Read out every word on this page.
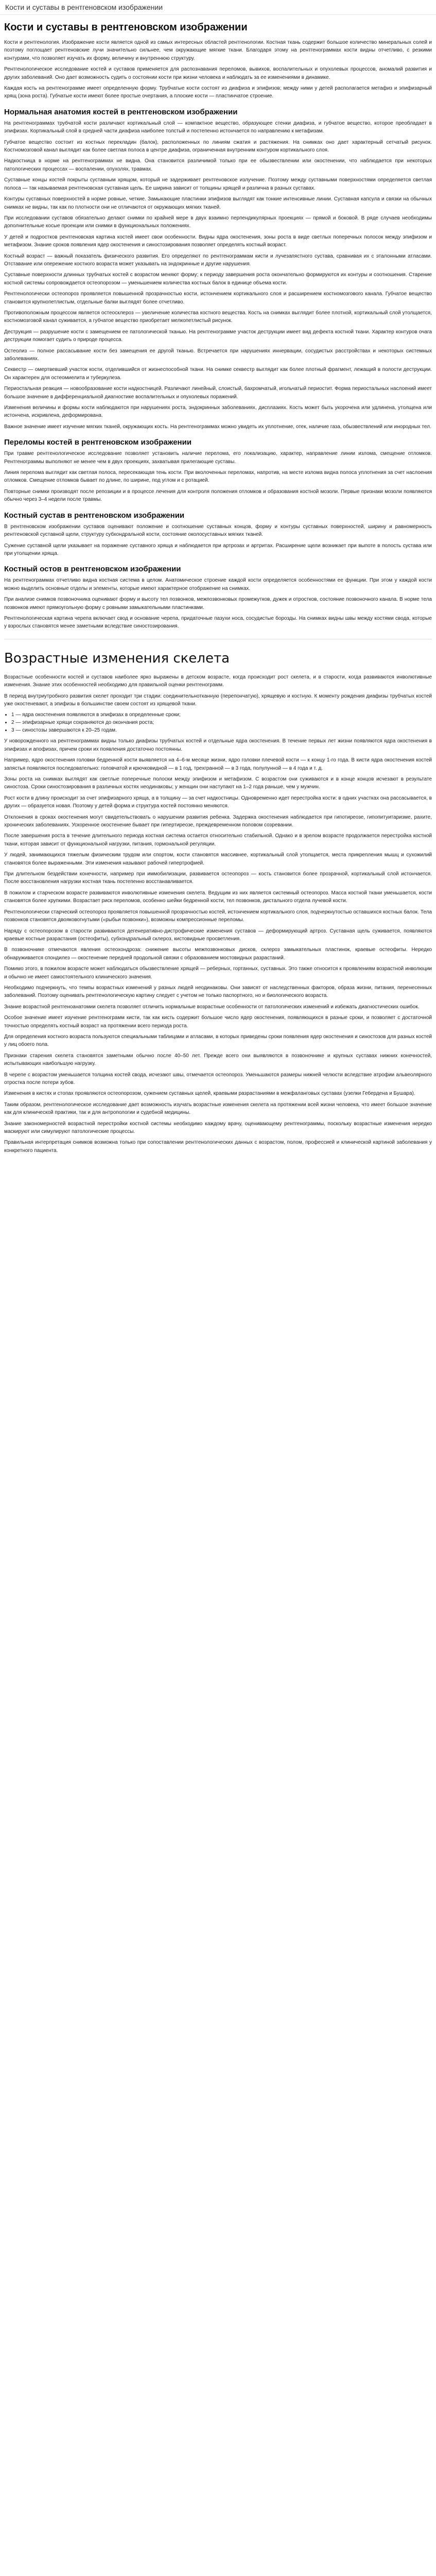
Кости и суставы в рентгеновском изображении
Кости и суставы в рентгеновском изображении

Кости и рентгенология. Изображение кости является одной из самых интересных областей рентгенологии. Костная ткань содержит большое количество минеральных солей и поэтому поглощает рентгеновские лучи значительно сильнее, чем окружающие мягкие ткани. Благодаря этому на рентгенограммах кости видны отчетливо, с резкими контурами, что позволяет изучать их форму, величину и внутреннюю структуру.

Рентгенологическое исследование костей и суставов применяется для распознавания переломов, вывихов, воспалительных и опухолевых процессов, аномалий развития и других заболеваний. Оно дает возможность судить о состоянии кости при жизни человека и наблюдать за ее изменениями в динамике.

Каждая кость на рентгенограмме имеет определенную форму. Трубчатые кости состоят из диафиза и эпифизов; между ними у детей располагается метафиз и эпифизарный хрящ (зона роста). Губчатые кости имеют более простые очертания, а плоские кости — пластинчатое строение.

Нормальная анатомия костей в рентгеновском изображении

На рентгенограммах трубчатой кости различают кортикальный слой — компактное вещество, образующее стенки диафиза, и губчатое вещество, которое преобладает в эпифизах. Кортикальный слой в средней части диафиза наиболее толстый и постепенно истончается по направлению к метафизам.

Губчатое вещество состоит из костных перекладин (балок), расположенных по линиям сжатия и растяжения. На снимках оно дает характерный сетчатый рисунок. Костномозговой канал выглядит как более светлая полоса в центре диафиза, ограниченная внутренним контуром кортикального слоя.

Надкостница в норме на рентгенограммах не видна. Она становится различимой только при ее обызвествлении или окостенении, что наблюдается при некоторых патологических процессах — воспалении, опухолях, травмах.

Суставные концы костей покрыты суставным хрящом, который не задерживает рентгеновское излучение. Поэтому между суставными поверхностями определяется светлая полоса — так называемая рентгеновская суставная щель. Ее ширина зависит от толщины хрящей и различна в разных суставах.

Контуры суставных поверхностей в норме ровные, четкие. Замыкающие пластинки эпифизов выглядят как тонкие интенсивные линии. Суставная капсула и связки на обычных снимках не видны, так как по плотности они не отличаются от окружающих мягких тканей.

При исследовании суставов обязательно делают снимки по крайней мере в двух взаимно перпендикулярных проекциях — прямой и боковой. В ряде случаев необходимы дополнительные косые проекции или снимки в функциональных положениях.

У детей и подростков рентгеновская картина костей имеет свои особенности. Видны ядра окостенения, зоны роста в виде светлых поперечных полосок между эпифизом и метафизом. Знание сроков появления ядер окостенения и синостозирования позволяет определять костный возраст.

Костный возраст — важный показатель физического развития. Его определяют по рентгенограммам кисти и лучезапястного сустава, сравнивая их с эталонными атласами. Отставание или опережение костного возраста может указывать на эндокринные и другие нарушения.

Суставные поверхности длинных трубчатых костей с возрастом меняют форму; к периоду завершения роста окончательно формируются их контуры и соотношения. Старение костной системы сопровождается остеопорозом — уменьшением количества костных балок в единице объема кости.

Рентгенологически остеопороз проявляется повышенной прозрачностью кости, истончением кортикального слоя и расширением костномозгового канала. Губчатое вещество становится крупнопетлистым, отдельные балки выглядят более отчетливо.

Противоположным процессом является остеосклероз — увеличение количества костного вещества. Кость на снимках выглядит более плотной, кортикальный слой утолщается, костномозговой канал суживается, а губчатое вещество приобретает мелкопетлистый рисунок.

Деструкция — разрушение кости с замещением ее патологической тканью. На рентгенограмме участок деструкции имеет вид дефекта костной ткани. Характер контуров очага деструкции помогает судить о природе процесса.

Остеолиз — полное рассасывание кости без замещения ее другой тканью. Встречается при нарушениях иннервации, сосудистых расстройствах и некоторых системных заболеваниях.

Секвестр — омертвевший участок кости, отделившийся от жизнеспособной ткани. На снимке секвестр выглядит как более плотный фрагмент, лежащий в полости деструкции. Он характерен для остеомиелита и туберкулеза.

Периостальная реакция — новообразование кости надкостницей. Различают линейный, слоистый, бахромчатый, игольчатый периостит. Форма периостальных наслоений имеет большое значение в дифференциальной диагностике воспалительных и опухолевых поражений.

Изменения величины и формы кости наблюдаются при нарушениях роста, эндокринных заболеваниях, дисплазиях. Кость может быть укорочена или удлинена, утолщена или истончена, искривлена, деформирована.

Важное значение имеет изучение мягких тканей, окружающих кость. На рентгенограммах можно увидеть их уплотнение, отек, наличие газа, обызвествлений или инородных тел.

Переломы костей в рентгеновском изображении

При травме рентгенологическое исследование позволяет установить наличие перелома, его локализацию, характер, направление линии излома, смещение отломков. Рентгенограммы выполняют не менее чем в двух проекциях, захватывая прилегающие суставы.

Линия перелома выглядит как светлая полоса, пересекающая тень кости. При вколоченных переломах, напротив, на месте излома видна полоса уплотнения за счет наслоения отломков. Смещение отломков бывает по длине, по ширине, под углом и с ротацией.

Повторные снимки производят после репозиции и в процессе лечения для контроля положения отломков и образования костной мозоли. Первые признаки мозоли появляются обычно через 3–4 недели после травмы.

Костный сустав в рентгеновском изображении

В рентгеновском изображении суставов оценивают положение и соотношение суставных концов, форму и контуры суставных поверхностей, ширину и равномерность рентгеновской суставной щели, структуру субхондральной кости, состояние околосуставных мягких тканей.

Сужение суставной щели указывает на поражение суставного хряща и наблюдается при артрозах и артритах. Расширение щели возникает при выпоте в полость сустава или при утолщении хряща.

Костный остов в рентгеновском изображении

На рентгенограммах отчетливо видна костная система в целом. Анатомическое строение каждой кости определяется особенностями ее функции. При этом у каждой кости можно выделить основные отделы и элементы, которые имеют характерное отображение на снимках.

При анализе снимков позвоночника оценивают форму и высоту тел позвонков, межпозвонковых промежутков, дужек и отростков, состояние позвоночного канала. В норме тела позвонков имеют прямоугольную форму с ровными замыкательными пластинками.

Рентгенологическая картина черепа включает свод и основание черепа, придаточные пазухи носа, сосудистые борозды. На снимках видны швы между костями свода, которые у взрослых становятся менее заметными вследствие синостозирования.

Возрастные изменения скелета

Возрастные особенности костей и суставов наиболее ярко выражены в детском возрасте, когда происходит рост скелета, и в старости, когда развиваются инволютивные изменения. Знание этих особенностей необходимо для правильной оценки рентгенограмм.

В период внутриутробного развития скелет проходит три стадии: соединительнотканную (перепончатую), хрящевую и костную. К моменту рождения диафизы трубчатых костей уже окостеневают, а эпифизы в большинстве своем состоят из хрящевой ткани.

• 1 — ядра окостенения появляются в эпифизах в определенные сроки;
• 2 — эпифизарные хрящи сохраняются до окончания роста;
• 3 — синостозы завершаются к 20–25 годам.

У новорожденного на рентгенограммах видны только диафизы трубчатых костей и отдельные ядра окостенения. В течение первых лет жизни появляются ядра окостенения в эпифизах и апофизах, причем сроки их появления достаточно постоянны.

Например, ядро окостенения головки бедренной кости выявляется на 4–6-м месяце жизни, ядро головки плечевой кости — к концу 1-го года. В кисти ядра окостенения костей запястья появляются последовательно: головчатой и крючковидной — в 1 год, трехгранной — в 3 года, полулунной — в 4 года и т. д.

Зоны роста на снимках выглядят как светлые поперечные полоски между эпифизом и метафизом. С возрастом они суживаются и в конце концов исчезают в результате синостоза. Сроки синостозирования в различных костях неодинаковы; у женщин они наступают на 1–2 года раньше, чем у мужчин.

Рост кости в длину происходит за счет эпифизарного хряща, а в толщину — за счет надкостницы. Одновременно идет перестройка кости: в одних участках она рассасывается, в других — образуется новая. Поэтому у детей форма и структура костей постоянно меняются.

Отклонения в сроках окостенения могут свидетельствовать о нарушении развития ребенка. Задержка окостенения наблюдается при гипотиреозе, гипопитуитаризме, рахите, хронических заболеваниях. Ускоренное окостенение бывает при гипертиреозе, преждевременном половом созревании.

После завершения роста в течение длительного периода костная система остается относительно стабильной. Однако и в зрелом возрасте продолжается перестройка костной ткани, которая зависит от функциональной нагрузки, питания, гормональной регуляции.

У людей, занимающихся тяжелым физическим трудом или спортом, кости становятся массивнее, кортикальный слой утолщается, места прикрепления мышц и сухожилий становятся более выраженными. Эти изменения называют рабочей гипертрофией.

При длительном бездействии конечности, например при иммобилизации, развивается остеопороз — кость становится более прозрачной, кортикальный слой истончается. После восстановления нагрузки костная ткань постепенно восстанавливается.

В пожилом и старческом возрасте развиваются инволютивные изменения скелета. Ведущим из них является системный остеопороз. Масса костной ткани уменьшается, кости становятся более хрупкими. Возрастает риск переломов, особенно шейки бедренной кости, тел позвонков, дистального отдела лучевой кости.

Рентгенологически старческий остеопороз проявляется повышенной прозрачностью костей, истончением кортикального слоя, подчеркнутостью оставшихся костных балок. Тела позвонков становятся двояковогнутыми («рыбьи позвонки»), возможны компрессионные переломы.

Наряду с остеопорозом в старости развиваются дегенеративно-дистрофические изменения суставов — деформирующий артроз. Суставная щель суживается, появляются краевые костные разрастания (остеофиты), субхондральный склероз, кистовидные просветления.

В позвоночнике отмечаются явления остеохондроза: снижение высоты межпозвонковых дисков, склероз замыкательных пластинок, краевые остеофиты. Нередко обнаруживается спондилез — окостенение передней продольной связки с образованием мостовидных разрастаний.

Помимо этого, в пожилом возрасте может наблюдаться обызвествление хрящей — реберных, гортанных, суставных. Это также относится к проявлениям возрастной инволюции и обычно не имеет самостоятельного клинического значения.

Необходимо подчеркнуть, что темпы возрастных изменений у разных людей неодинаковы. Они зависят от наследственных факторов, образа жизни, питания, перенесенных заболеваний. Поэтому оценивать рентгенологическую картину следует с учетом не только паспортного, но и биологического возраста.

Знание возрастной рентгеноанатомии скелета позволяет отличить нормальные возрастные особенности от патологических изменений и избежать диагностических ошибок.

Особое значение имеет изучение рентгенограмм кисти, так как кисть содержит большое число ядер окостенения, появляющихся в разные сроки, и позволяет с достаточной точностью определять костный возраст на протяжении всего периода роста.

Для определения костного возраста пользуются специальными таблицами и атласами, в которых приведены сроки появления ядер окостенения и синостозов для разных костей у лиц обоего пола.

Признаки старения скелета становятся заметными обычно после 40–50 лет. Прежде всего они выявляются в позвоночнике и крупных суставах нижних конечностей, испытывающих наибольшую нагрузку.

В черепе с возрастом уменьшается толщина костей свода, исчезают швы, отмечается остеопороз. Уменьшаются размеры нижней челюсти вследствие атрофии альвеолярного отростка после потери зубов.

Изменения в кистях и стопах проявляются остеопорозом, сужением суставных щелей, краевыми разрастаниями в межфаланговых суставах (узелки Гебердена и Бушара).

Таким образом, рентгенологическое исследование дает возможность изучать возрастные изменения скелета на протяжении всей жизни человека, что имеет большое значение как для клинической практики, так и для антропологии и судебной медицины.

Знание закономерностей возрастной перестройки костной системы необходимо каждому врачу, оценивающему рентгенограммы, поскольку возрастные изменения нередко маскируют или симулируют патологические процессы.

Правильная интерпретация снимков возможна только при сопоставлении рентгенологических данных с возрастом, полом, профессией и клинической картиной заболевания у конкретного пациента.
